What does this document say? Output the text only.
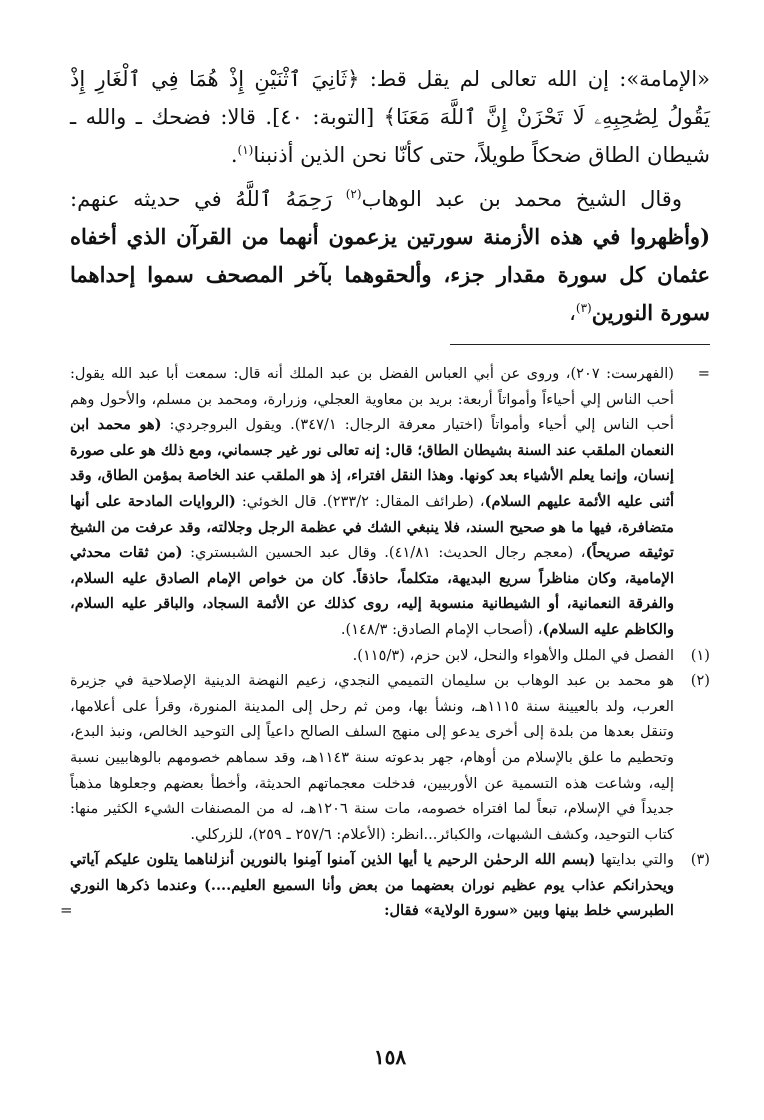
«الإمامة»: إن الله تعالى لم يقل قط: ﴿ثَانِيَ ٱثْنَيْنِ إِذْ هُمَا فِي ٱلْغَارِ إِذْ يَقُولُ لِصَٰحِبِهِۦ لَا تَحْزَنْ إِنَّ ٱللَّهَ مَعَنَا﴾ [التوبة: ٤٠]. قالا: فضحك ـ والله ـ شيطان الطاق ضحكاً طويلاً، حتى كأنّا نحن الذين أذنبنا$^{(١)}$.

وقال الشيخ محمد بن عبد الوهاب$^{(٢)}$ رَحِمَهُ ٱللَّهُ في حديثه عنهم: (وأظهروا في هذه الأزمنة سورتين يزعمون أنهما من القرآن الذي أخفاه عثمان كل سورة مقدار جزء، وألحقوهما بآخر المصحف سموا إحداهما سورة النورين$^{(٣)}$،

=
(الفهرست: ٢٠٧)، وروى عن أبي العباس الفضل بن عبد الملك أنه قال: سمعت أبا عبد الله يقول: أحب الناس إلي أحياءاً وأمواتاً أربعة: بريد بن معاوية العجلي، وزرارة، ومحمد بن مسلم، والأحول وهم أحب الناس إلي أحياء وأمواتاً (اختيار معرفة الرجال: ٣٤٧/١). ويقول البروجردي: (هو محمد ابن النعمان الملقب عند السنة بشيطان الطاق؛ قال: إنه تعالى نور غير جسماني، ومع ذلك هو على صورة إنسان، وإنما يعلم الأشياء بعد كونها. وهذا النقل افتراء، إذ هو الملقب عند الخاصة بمؤمن الطاق، وقد أثنى عليه الأئمة عليهم السلام)، (طرائف المقال: ٢٣٣/٢). قال الخوئي: (الروايات المادحة على أنها متضافرة، فيها ما هو صحيح السند، فلا ينبغي الشك في عظمة الرجل وجلالته، وقد عرفت من الشيخ توثيقه صريحاً)، (معجم رجال الحديث: ٤١/٨١). وقال عبد الحسين الشبستري: (من ثقات محدثي الإمامية، وكان مناظراً سريع البديهة، متكلماً، حاذقاً. كان من خواص الإمام الصادق عليه السلام، والفرقة النعمانية، أو الشيطانية منسوبة إليه، روى كذلك عن الأئمة السجاد، والباقر عليه السلام، والكاظم عليه السلام)، (أصحاب الإمام الصادق: ١٤٨/٣).
(١)
الفصل في الملل والأهواء والنحل، لابن حزم، (١١٥/٣).
(٢)
هو محمد بن عبد الوهاب بن سليمان التميمي النجدي، زعيم النهضة الدينية الإصلاحية في جزيرة العرب، ولد بالعيينة سنة ١١١٥هـ، ونشأ بها، ومن ثم رحل إلى المدينة المنورة، وقرأ على أعلامها، وتنقل بعدها من بلدة إلى أخرى يدعو إلى منهج السلف الصالح داعياً إلى التوحيد الخالص، ونبذ البدع، وتحطيم ما علق بالإسلام من أوهام، جهر بدعوته سنة ١١٤٣هـ، وقد سماهم خصومهم بالوهابيين نسبة إليه، وشاعت هذه التسمية عن الأوربيين، فدخلت معجماتهم الحديثة، وأخطأ بعضهم وجعلوها مذهباً جديداً في الإسلام، تبعاً لما افتراه خصومه، مات سنة ١٢٠٦هـ، له من المصنفات الشيء الكثير منها: كتاب التوحيد، وكشف الشبهات، والكبائر...انظر: (الأعلام: ٢٥٧/٦ ـ ٢٥٩)، للزركلي.
(٣)
والتي بدايتها (بسم الله الرحمٰن الرحيم يا أيها الذين آمنوا آمِنوا بالنورين أنزلناهما يتلون عليكم آياتي ويحذرانكم عذاب يوم عظيم نوران بعضهما من بعض وأنا السميع العليم....) وعندما ذكرها النوري الطبرسي خلط بينها وبين «سورة الولاية» فقال:
=
١٥٨
